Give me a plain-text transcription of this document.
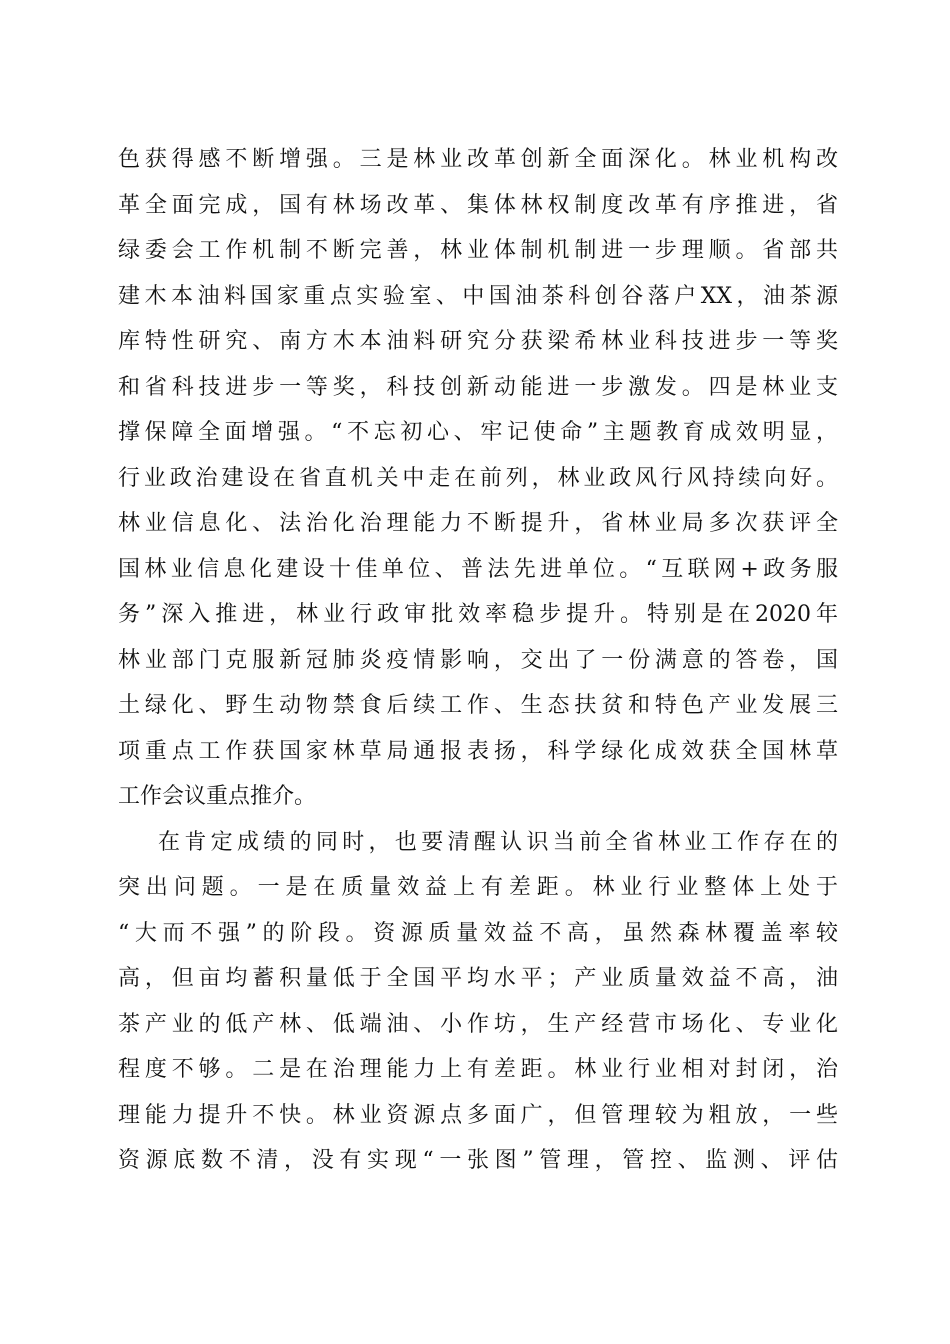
色获得感不断增强。三是林业改革创新全面深化。林业机构改
革全面完成，国有林场改革、集体林权制度改革有序推进，省
绿委会工作机制不断完善，林业体制机制进一步理顺。省部共
建木本油料国家重点实验室、中国油茶科创谷落户XX，油茶源
库特性研究、南方木本油料研究分获梁希林业科技进步一等奖
和省科技进步一等奖，科技创新动能进一步激发。四是林业支
撑保障全面增强。“不忘初心、牢记使命”主题教育成效明显，
行业政治建设在省直机关中走在前列，林业政风行风持续向好。
林业信息化、法治化治理能力不断提升，省林业局多次获评全
国林业信息化建设十佳单位、普法先进单位。“互联网+政务服
务”深入推进，林业行政审批效率稳步提升。特别是在2020年
林业部门克服新冠肺炎疫情影响，交出了一份满意的答卷，国
土绿化、野生动物禁食后续工作、生态扶贫和特色产业发展三
项重点工作获国家林草局通报表扬，科学绿化成效获全国林草
工作会议重点推介。
在肯定成绩的同时，也要清醒认识当前全省林业工作存在的
突出问题。一是在质量效益上有差距。林业行业整体上处于
“大而不强”的阶段。资源质量效益不高，虽然森林覆盖率较
高，但亩均蓄积量低于全国平均水平；产业质量效益不高，油
茶产业的低产林、低端油、小作坊，生产经营市场化、专业化
程度不够。二是在治理能力上有差距。林业行业相对封闭，治
理能力提升不快。林业资源点多面广，但管理较为粗放，一些
资源底数不清，没有实现“一张图”管理，管控、监测、评估
